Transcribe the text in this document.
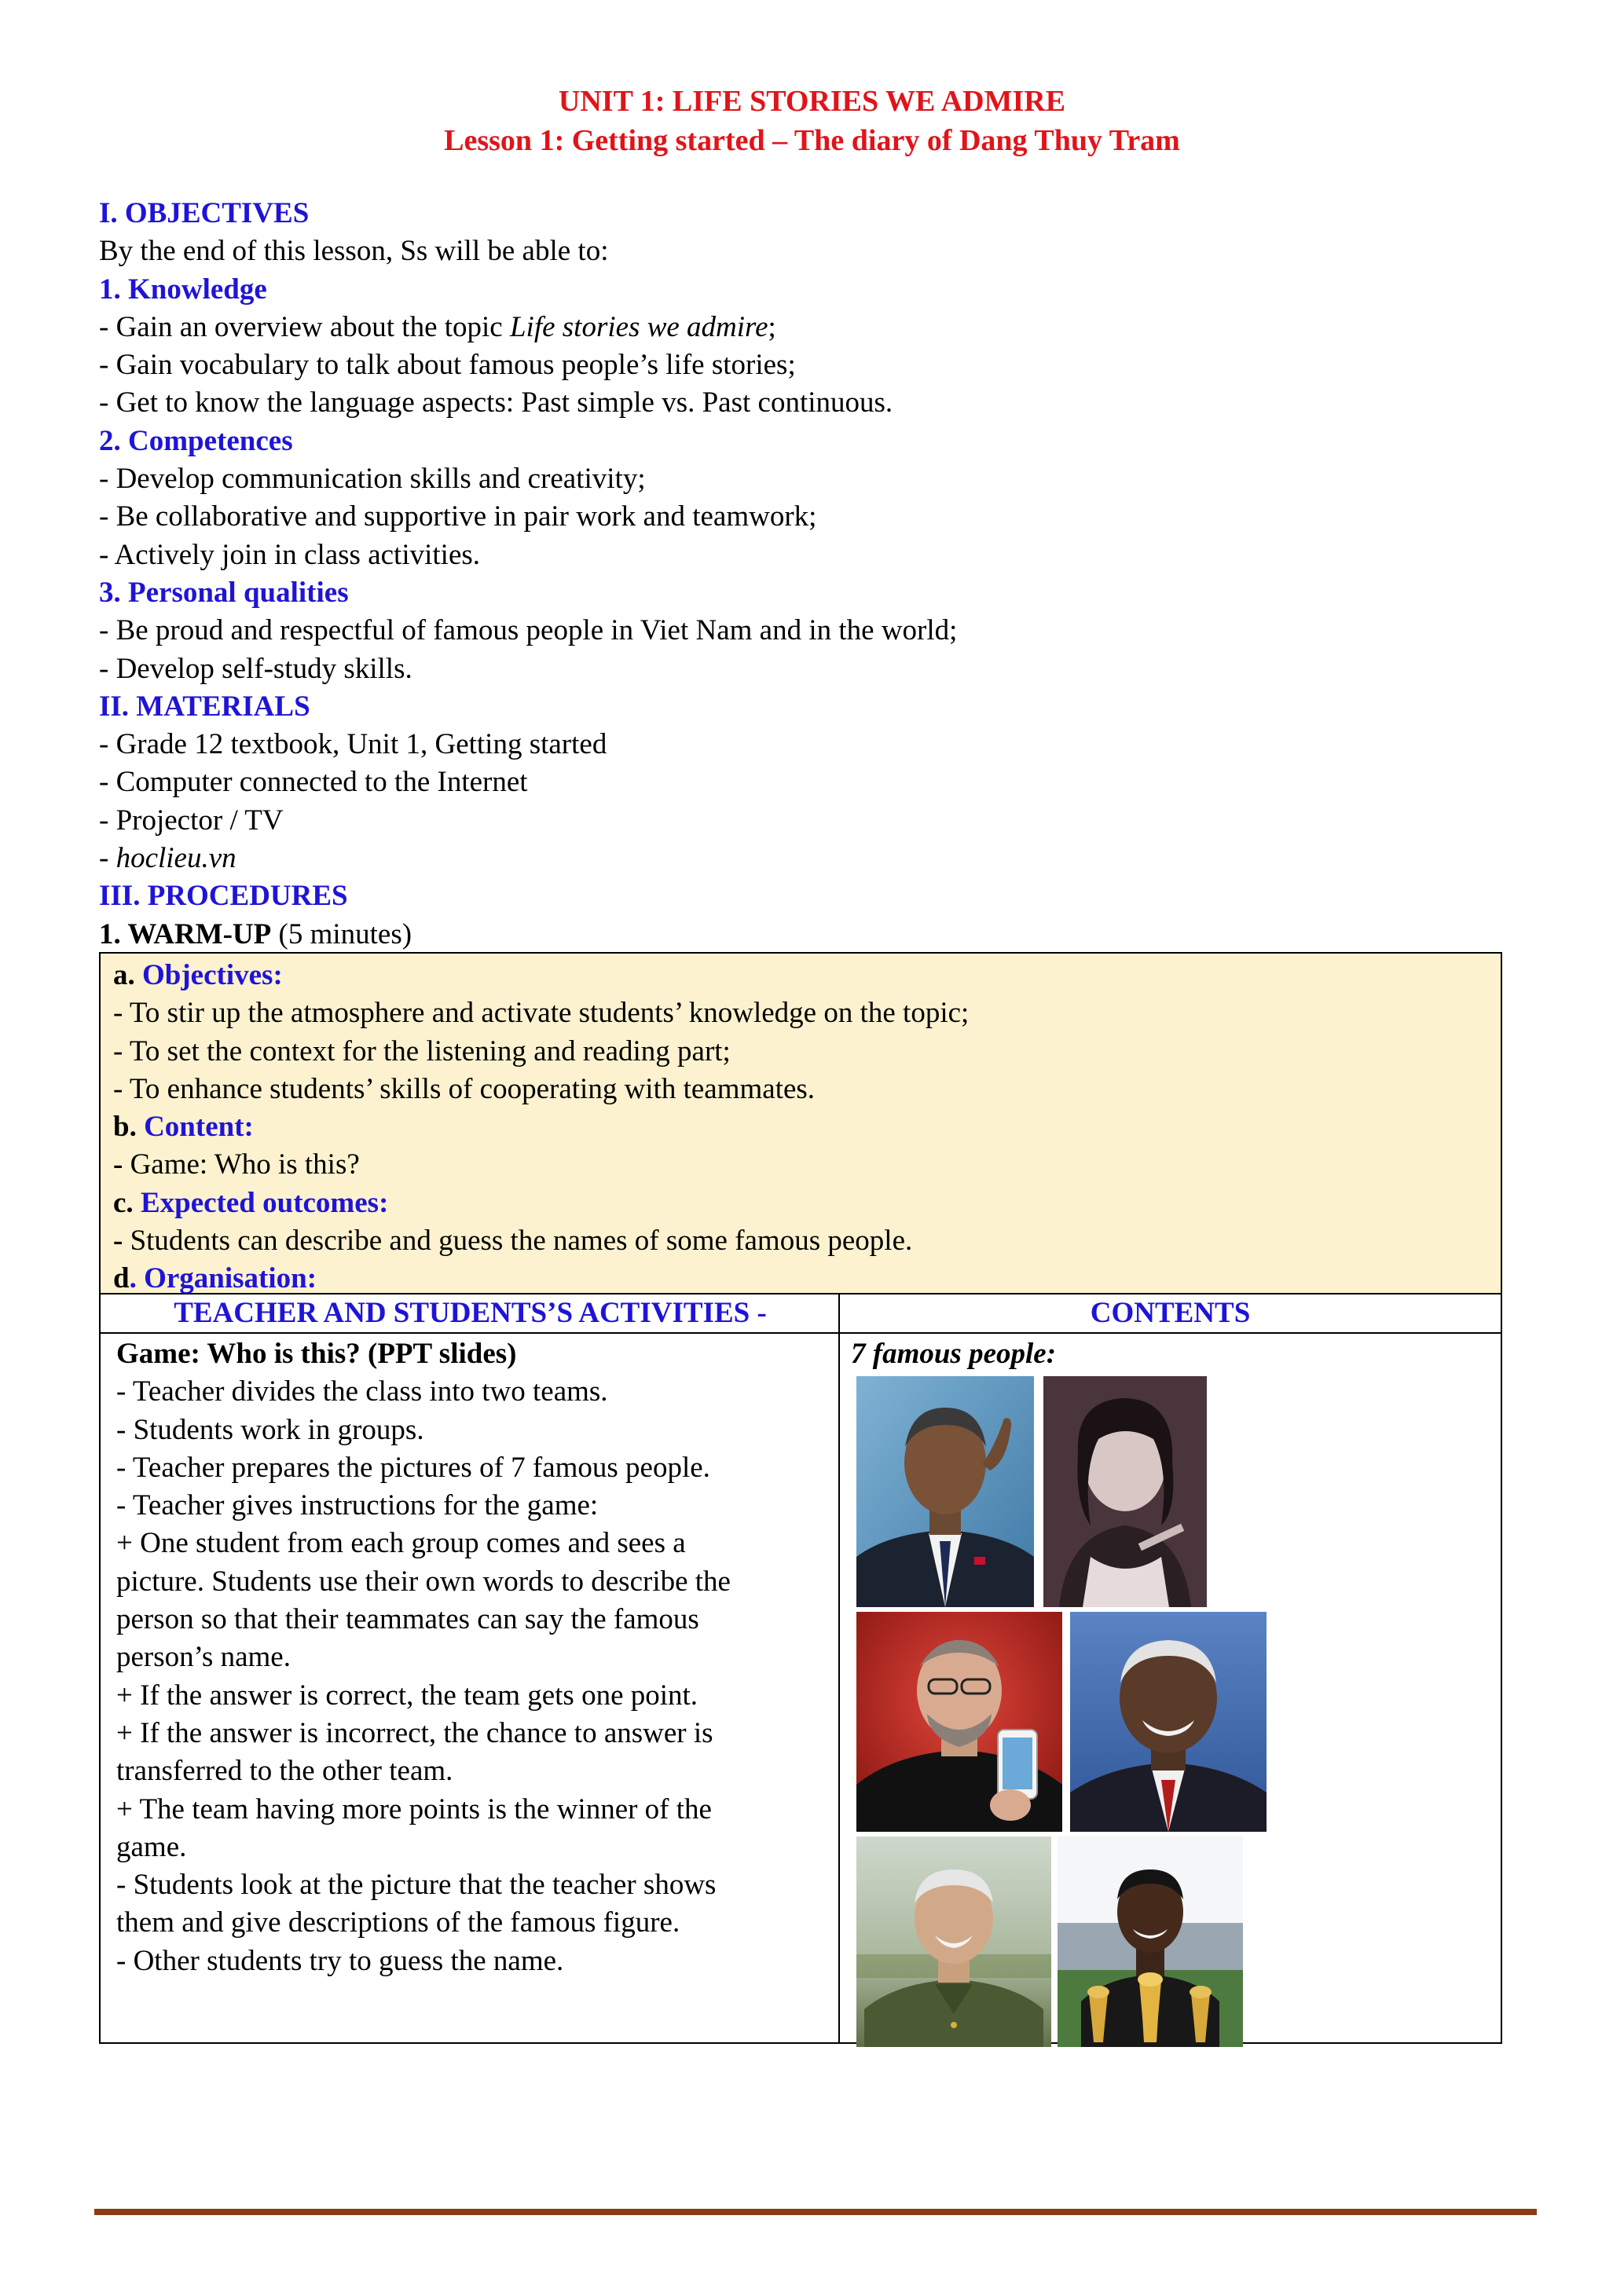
UNIT 1: LIFE STORIES WE ADMIRE
Lesson 1: Getting started – The diary of Dang Thuy Tram
I. OBJECTIVES
By the end of this lesson, Ss will be able to:
1. Knowledge
- Gain an overview about the topic Life stories we admire;
- Gain vocabulary to talk about famous people’s life stories;
- Get to know the language aspects: Past simple vs. Past continuous.
2. Competences
- Develop communication skills and creativity;
- Be collaborative and supportive in pair work and teamwork;
- Actively join in class activities.
3. Personal qualities
- Be proud and respectful of famous people in Viet Nam and in the world;
- Develop self-study skills.
II. MATERIALS
- Grade 12 textbook, Unit 1, Getting started
- Computer connected to the Internet
- Projector / TV
- hoclieu.vn
III. PROCEDURES
1. WARM-UP (5 minutes)
a. Objectives:
- To stir up the atmosphere and activate students’ knowledge on the topic;
- To set the context for the listening and reading part;
- To enhance students’ skills of cooperating with teammates.
b. Content:
- Game: Who is this?
c. Expected outcomes:
- Students can describe and guess the names of some famous people.
d. Organisation:
TEACHER AND STUDENTS’S ACTIVITIES -	CONTENTS
Game: Who is this? (PPT slides)
- Teacher divides the class into two teams.
- Students work in groups.
- Teacher prepares the pictures of 7 famous people.
- Teacher gives instructions for the game:
+ One student from each group comes and sees a
picture. Students use their own words to describe the
person so that their teammates can say the famous
person’s name.
+ If the answer is correct, the team gets one point.
+ If the answer is incorrect, the chance to answer is
transferred to the other team.
+ The team having more points is the winner of the
game.
- Students look at the picture that the teacher shows
them and give descriptions of the famous figure.
- Other students try to guess the name.
7 famous people:
